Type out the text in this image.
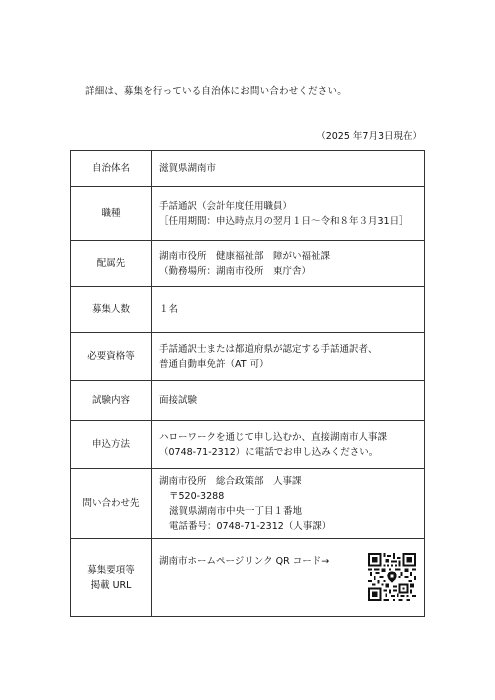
詳細は、募集を行っている自治体にお問い合わせください。
（2025 年7月3日現在）
自治体名	滋賀県湖南市

職種	手話通訳（会計年度任用職員）
［任用期間：申込時点月の翌月１日～令和８年３月31日］

配属先	湖南市役所　健康福祉部　障がい福祉課
（勤務場所：湖南市役所　東庁舎）

募集人数	１名

必要資格等	手話通訳士または都道府県が認定する手話通訳者、
普通自動車免許（AT 可）

試験内容	面接試験

申込方法	ハローワークを通じて申し込むか、直接湖南市人事課
（0748-71-2312）に電話でお申し込みください。

問い合わせ先	湖南市役所　総合政策部　人事課
〒520-3288
滋賀県湖南市中央一丁目１番地
電話番号：0748-71-2312（人事課）

募集要項等
掲載 URL	湖南市ホームページリンク QR コード→
